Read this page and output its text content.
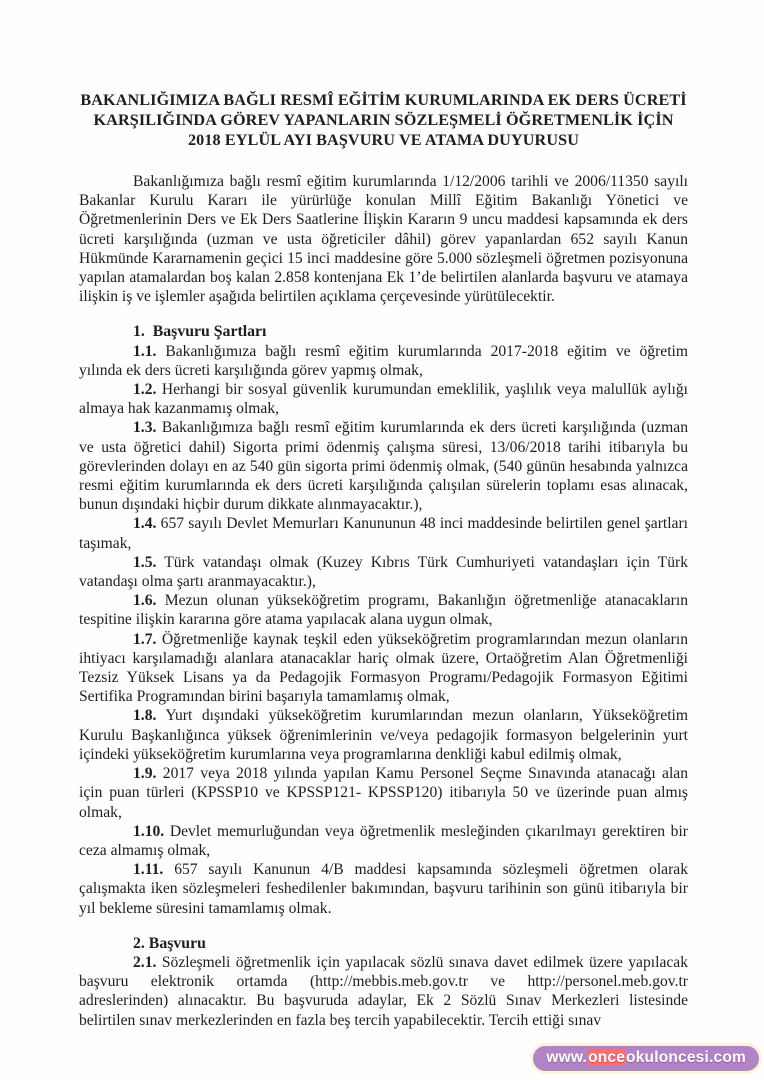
BAKANLIĞIMIZA BAĞLI RESMÎ EĞİTİM KURUMLARINDA EK DERS ÜCRETİ
KARŞILIĞINDA GÖREV YAPANLARIN SÖZLEŞMELİ ÖĞRETMENLİK İÇİN
2018 EYLÜL AYI BAŞVURU VE ATAMA DUYURUSU

Bakanlığımıza bağlı resmî eğitim kurumlarında 1/12/2006 tarihli ve 2006/11350 sayılı Bakanlar Kurulu Kararı ile yürürlüğe konulan Millî Eğitim Bakanlığı Yönetici ve Öğretmenlerinin Ders ve Ek Ders Saatlerine İlişkin Kararın 9 uncu maddesi kapsamında ek ders ücreti karşılığında (uzman ve usta öğreticiler dâhil) görev yapanlardan 652 sayılı Kanun Hükmünde Kararnamenin geçici 15 inci maddesine göre 5.000 sözleşmeli öğretmen pozisyonuna yapılan atamalardan boş kalan 2.858 kontenjana Ek 1’de belirtilen alanlarda başvuru ve atamaya ilişkin iş ve işlemler aşağıda belirtilen açıklama çerçevesinde yürütülecektir.

1.  Başvuru Şartları

1.1. Bakanlığımıza bağlı resmî eğitim kurumlarında 2017-2018 eğitim ve öğretim yılında ek ders ücreti karşılığında görev yapmış olmak,

1.2. Herhangi bir sosyal güvenlik kurumundan emeklilik, yaşlılık veya malullük aylığı almaya hak kazanmamış olmak,

1.3. Bakanlığımıza bağlı resmî eğitim kurumlarında ek ders ücreti karşılığında (uzman ve usta öğretici dahil) Sigorta primi ödenmiş çalışma süresi, 13/06/2018 tarihi itibarıyla bu görevlerinden dolayı en az 540 gün sigorta primi ödenmiş olmak, (540 günün hesabında yalnızca resmi eğitim kurumlarında ek ders ücreti karşılığında çalışılan sürelerin toplamı esas alınacak, bunun dışındaki hiçbir durum dikkate alınmayacaktır.),

1.4. 657 sayılı Devlet Memurları Kanununun 48 inci maddesinde belirtilen genel şartları taşımak,

1.5. Türk vatandaşı olmak (Kuzey Kıbrıs Türk Cumhuriyeti vatandaşları için Türk vatandaşı olma şartı aranmayacaktır.),

1.6. Mezun olunan yükseköğretim programı, Bakanlığın öğretmenliğe atanacakların tespitine ilişkin kararına göre atama yapılacak alana uygun olmak,

1.7. Öğretmenliğe kaynak teşkil eden yükseköğretim programlarından mezun olanların ihtiyacı karşılamadığı alanlara atanacaklar hariç olmak üzere, Ortaöğretim Alan Öğretmenliği Tezsiz Yüksek Lisans ya da Pedagojik Formasyon Programı/Pedagojik Formasyon Eğitimi Sertifika Programından birini başarıyla tamamlamış olmak,

1.8. Yurt dışındaki yükseköğretim kurumlarından mezun olanların, Yükseköğretim Kurulu Başkanlığınca yüksek öğrenimlerinin ve/veya pedagojik formasyon belgelerinin yurt içindeki yükseköğretim kurumlarına veya programlarına denkliği kabul edilmiş olmak,

1.9. 2017 veya 2018 yılında yapılan Kamu Personel Seçme Sınavında atanacağı alan için puan türleri (KPSSP10 ve KPSSP121- KPSSP120) itibarıyla 50 ve üzerinde puan almış olmak,

1.10. Devlet memurluğundan veya öğretmenlik mesleğinden çıkarılmayı gerektiren bir ceza almamış olmak,

1.11. 657 sayılı Kanunun 4/B maddesi kapsamında sözleşmeli öğretmen olarak çalışmakta iken sözleşmeleri feshedilenler bakımından, başvuru tarihinin son günü itibarıyla bir yıl bekleme süresini tamamlamış olmak.

2. Başvuru

2.1. Sözleşmeli öğretmenlik için yapılacak sözlü sınava davet edilmek üzere yapılacak başvuru elektronik ortamda (http://mebbis.meb.gov.tr ve http://personel.meb.gov.tr adreslerinden) alınacaktır. Bu başvuruda adaylar, Ek 2 Sözlü Sınav Merkezleri listesinde belirtilen sınav merkezlerinden en fazla beş tercih yapabilecektir. Tercih ettiği sınav

www.onceokuloncesi.com
